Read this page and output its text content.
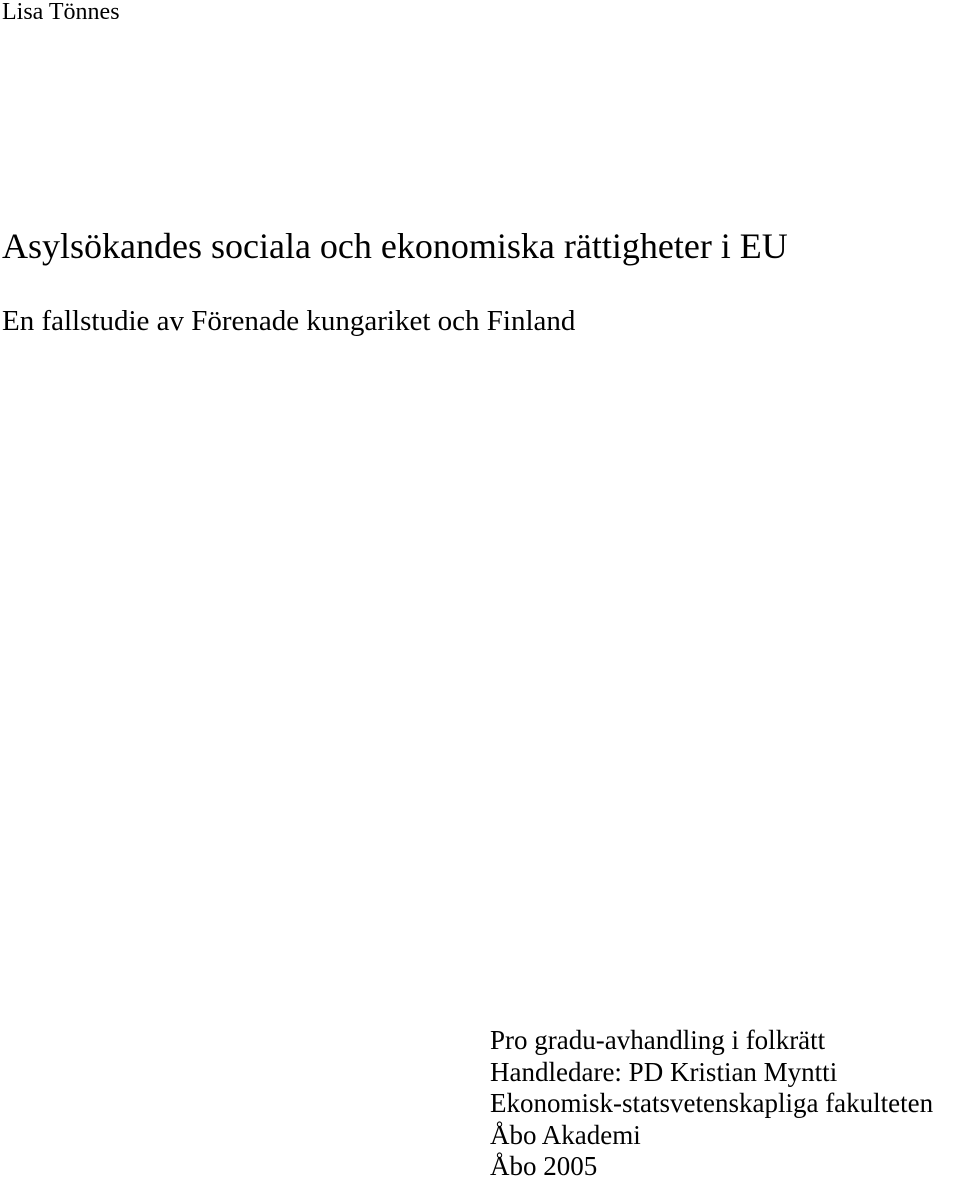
Lisa Tönnes
Asylsökandes sociala och ekonomiska rättigheter i EU
En fallstudie av Förenade kungariket och Finland
Pro gradu-avhandling i folkrätt
Handledare: PD Kristian Myntti
Ekonomisk-statsvetenskapliga fakulteten
Åbo Akademi
Åbo 2005
